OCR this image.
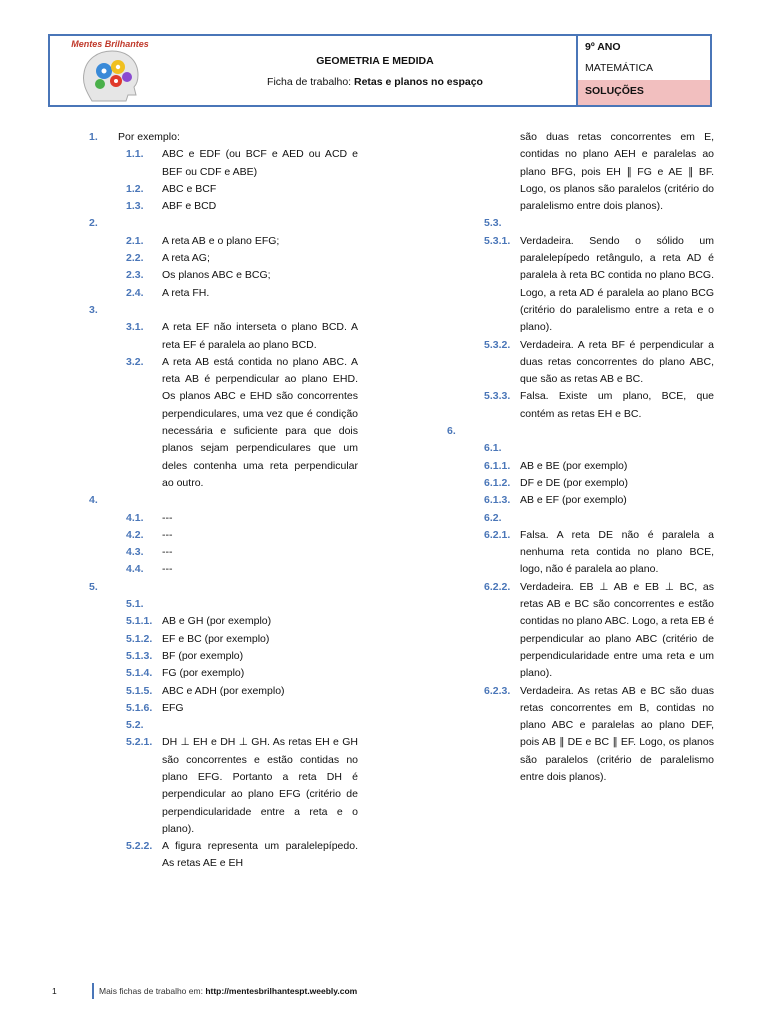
Mentes Brilhantes
GEOMETRIA E MEDIDA
Ficha de trabalho: Retas e planos no espaço
9º ANO
MATEMÁTICA
SOLUÇÕES
1. Por exemplo:
1.1. ABC e EDF (ou BCF e AED ou ACD e BEF ou CDF e ABE)
1.2. ABC e BCF
1.3. ABF e BCD
2.

2.1. A reta AB e o plano EFG;
2.2. A reta AG;
2.3. Os planos ABC e BCG;
2.4. A reta FH.
3.

3.1. A reta EF não interseta o plano BCD. A reta EF é paralela ao plano BCD.
3.2. A reta AB está contida no plano ABC. A reta AB é perpendicular ao plano EHD. Os planos ABC e EHD são concorrentes perpendiculares, uma vez que é condição necessária e suficiente para que dois planos sejam perpendiculares que um deles contenha uma reta perpendicular ao outro.
4.

4.1. ---
4.2. ---
4.3. ---
4.4. ---
5.

5.1.

5.1.1. AB e GH (por exemplo)
5.1.2. EF e BC (por exemplo)
5.1.3. BF (por exemplo)
5.1.4. FG (por exemplo)
5.1.5. ABC e ADH (por exemplo)
5.1.6. EFG
5.2.

5.2.1. DH ⊥ EH e DH ⊥ GH. As retas EH e GH são concorrentes e estão contidas no plano EFG. Portanto a reta DH é perpendicular ao plano EFG (critério de perpendicularidade entre a reta e o plano).
5.2.2. A figura representa um paralelepípedo. As retas AE e EH
são duas retas concorrentes em E, contidas no plano AEH e paralelas ao plano BFG, pois EH ∥ FG e AE ∥ BF. Logo, os planos são paralelos (critério do paralelismo entre dois planos).
5.3.

5.3.1. Verdadeira. Sendo o sólido um paralelepípedo retângulo, a reta AD é paralela à reta BC contida no plano BCG. Logo, a reta AD é paralela ao plano BCG (critério do paralelismo entre a reta e o plano).
5.3.2. Verdadeira. A reta BF é perpendicular a duas retas concorrentes do plano ABC, que são as retas AB e BC.
5.3.3. Falsa. Existe um plano, BCE, que contém as retas EH e BC.
6.

6.1.

6.1.1. AB e BE (por exemplo)
6.1.2. DF e DE (por exemplo)
6.1.3. AB e EF (por exemplo)
6.2.

6.2.1. Falsa. A reta DE não é paralela a nenhuma reta contida no plano BCE, logo, não é paralela ao plano.
6.2.2. Verdadeira. EB ⊥ AB e EB ⊥ BC, as retas AB e BC são concorrentes e estão contidas no plano ABC. Logo, a reta EB é perpendicular ao plano ABC (critério de perpendicularidade entre uma reta e um plano).
6.2.3. Verdadeira. As retas AB e BC são duas retas concorrentes em B, contidas no plano ABC e paralelas ao plano DEF, pois AB ∥ DE e BC ∥ EF. Logo, os planos são paralelos (critério de paralelismo entre dois planos).
1	Mais fichas de trabalho em: http://mentesbrilhantespt.weebly.com
